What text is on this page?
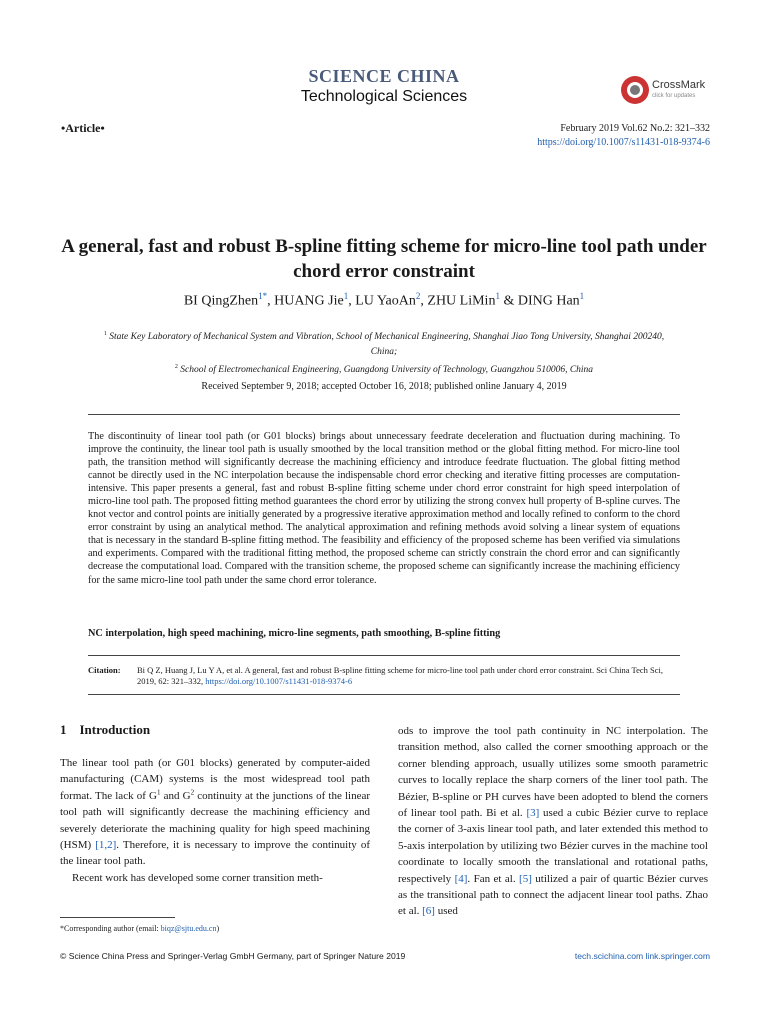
SCIENCE CHINA
Technological Sciences
CrossMark
click for updates
•Article•	February 2019 Vol.62 No.2: 321–332
https://doi.org/10.1007/s11431-018-9374-6
A general, fast and robust B-spline fitting scheme for micro-line tool path under chord error constraint
BI QingZhen$^{1*}$, HUANG Jie$^1$, LU YaoAn$^2$, ZHU LiMin$^1$ & DING Han$^1$
$^1$ State Key Laboratory of Mechanical System and Vibration, School of Mechanical Engineering, Shanghai Jiao Tong University, Shanghai 200240, China;
$^2$ School of Electromechanical Engineering, Guangdong University of Technology, Guangzhou 510006, China
Received September 9, 2018; accepted October 16, 2018; published online January 4, 2019
The discontinuity of linear tool path (or G01 blocks) brings about unnecessary feedrate deceleration and fluctuation during machining. To improve the continuity, the linear tool path is usually smoothed by the local transition method or the global fitting method. For micro-line tool path, the transition method will significantly decrease the machining efficiency and introduce feedrate fluctuation. The global fitting method cannot be directly used in the NC interpolation because the indispensable chord error checking and iterative fitting processes are computation-intensive. This paper presents a general, fast and robust B-spline fitting scheme under chord error constraint for high speed interpolation of micro-line tool path. The proposed fitting method guarantees the chord error by utilizing the strong convex hull property of B-spline curves. The knot vector and control points are initially generated by a progressive iterative approximation method and locally refined to conform to the chord error constraint by using an analytical method. The analytical approximation and refining methods avoid solving a linear system of equations that is necessary in the standard B-spline fitting method. The feasibility and efficiency of the proposed scheme has been verified via simulations and experiments. Compared with the traditional fitting method, the proposed scheme can strictly constrain the chord error and can significantly decrease the computational load. Compared with the transition scheme, the proposed scheme can significantly increase the machining efficiency for the same micro-line tool path under the same chord error tolerance.
NC interpolation, high speed machining, micro-line segments, path smoothing, B-spline fitting
Citation: Bi Q Z, Huang J, Lu Y A, et al. A general, fast and robust B-spline fitting scheme for micro-line tool path under chord error constraint. Sci China Tech Sci, 2019, 62: 321–332, https://doi.org/10.1007/s11431-018-9374-6
1 Introduction

The linear tool path (or G01 blocks) generated by computer-aided manufacturing (CAM) systems is the most widespread tool path format. The lack of $G^1$ and $G^2$ continuity at the junctions of the linear tool path will significantly decrease the machining efficiency and severely deteriorate the machining quality for high speed machining (HSM) [1,2]. Therefore, it is necessary to improve the continuity of the linear tool path.

Recent work has developed some corner transition meth-

ods to improve the tool path continuity in NC interpolation. The transition method, also called the corner smoothing approach or the corner blending approach, usually utilizes some smooth parametric curves to locally replace the sharp corners of the liner tool path. The Bézier, B-spline or PH curves have been adopted to blend the corners of linear tool path. Bi et al. [3] used a cubic Bézier curve to replace the corner of 3-axis linear tool path, and later extended this method to 5-axis interpolation by utilizing two Bézier curves in the machine tool coordinate to locally smooth the translational and rotational paths, respectively [4]. Fan et al. [5] utilized a pair of quartic Bézier curves as the transitional path to connect the adjacent linear tool paths. Zhao et al. [6] used

*Corresponding author (email: biqz@sjtu.edu.cn)
© Science China Press and Springer-Verlag GmbH Germany, part of Springer Nature 2019	tech.scichina.com link.springer.com
